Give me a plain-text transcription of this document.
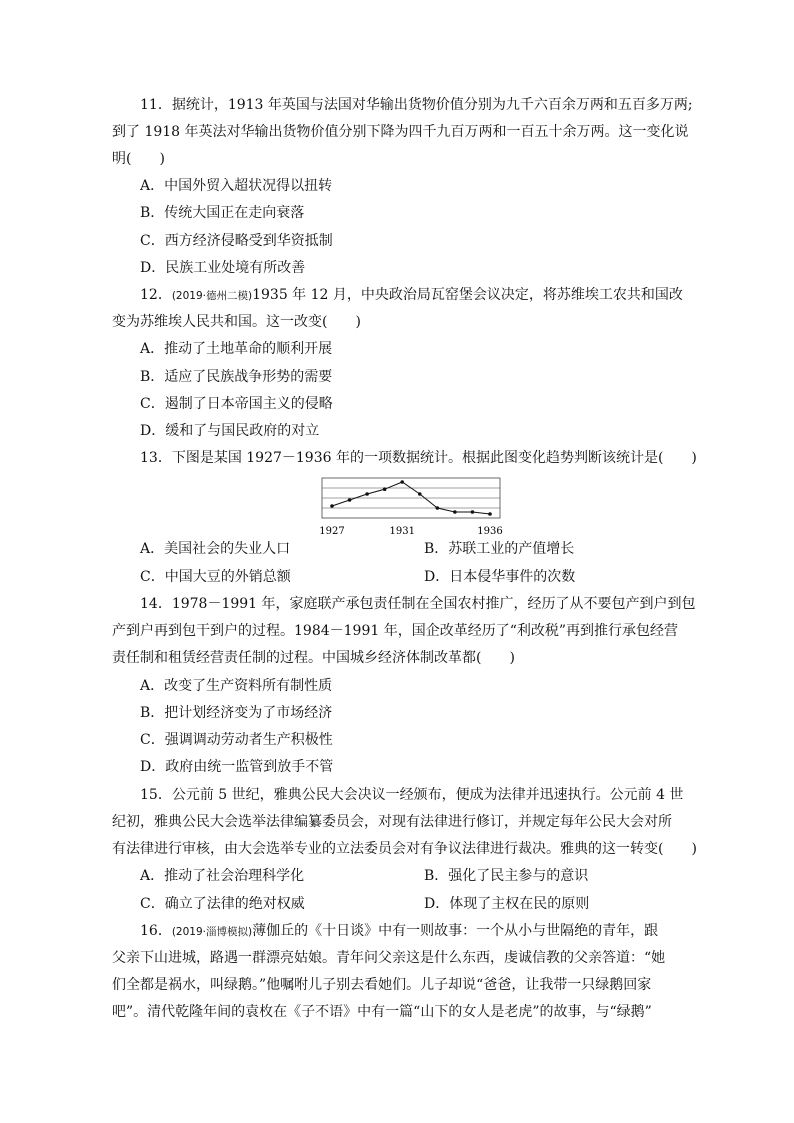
11．据统计，1913 年英国与法国对华输出货物价值分别为九千六百余万两和五百多万两;
到了 1918 年英法对华输出货物价值分别下降为四千九百万两和一百五十余万两。这一变化说
明(　　)
A．中国外贸入超状况得以扭转
B．传统大国正在走向衰落
C．西方经济侵略受到华资抵制
D．民族工业处境有所改善
12．(2019·德州二模)1935 年 12 月，中央政治局瓦窑堡会议决定，将苏维埃工农共和国改
变为苏维埃人民共和国。这一改变(　　)
A．推动了土地革命的顺利开展
B．适应了民族战争形势的需要
C．遏制了日本帝国主义的侵略
D．缓和了与国民政府的对立
13．下图是某国 1927－1936 年的一项数据统计。根据此图变化趋势判断该统计是(　　)
1927	1931	1936
A．美国社会的失业人口	B．苏联工业的产值增长
C．中国大豆的外销总额	D．日本侵华事件的次数
14．1978－1991 年，家庭联产承包责任制在全国农村推广，经历了从不要包产到户到包
产到户再到包干到户的过程。1984－1991 年，国企改革经历了“利改税”再到推行承包经营
责任制和租赁经营责任制的过程。中国城乡经济体制改革都(　　)
A．改变了生产资料所有制性质
B．把计划经济变为了市场经济
C．强调调动劳动者生产积极性
D．政府由统一监管到放手不管
15．公元前 5 世纪，雅典公民大会决议一经颁布，便成为法律并迅速执行。公元前 4 世
纪初，雅典公民大会选举法律编纂委员会，对现有法律进行修订，并规定每年公民大会对所
有法律进行审核，由大会选举专业的立法委员会对有争议法律进行裁决。雅典的这一转变(　　)
A．推动了社会治理科学化	B．强化了民主参与的意识
C．确立了法律的绝对权威	D．体现了主权在民的原则
16．(2019·淄博模拟)薄伽丘的《十日谈》中有一则故事：一个从小与世隔绝的青年，跟
父亲下山进城，路遇一群漂亮姑娘。青年问父亲这是什么东西，虔诚信教的父亲答道：“她
们全都是祸水，叫绿鹅。”他嘱咐儿子别去看她们。儿子却说“爸爸，让我带一只绿鹅回家
吧”。清代乾隆年间的袁枚在《子不语》中有一篇“山下的女人是老虎”的故事，与“绿鹅”
